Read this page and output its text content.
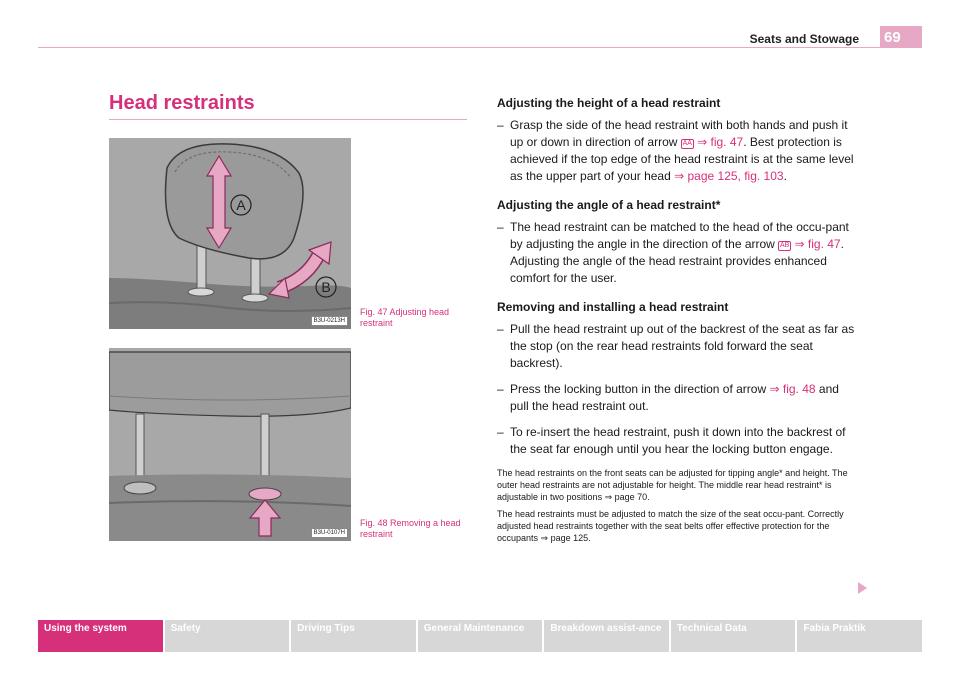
Seats and Stowage 69
Head restraints
A
B
B3U-0213H
Fig. 47 Adjusting head restraint
B3U-0107H
Fig. 48 Removing a head restraint
Adjusting the height of a head restraint
– Grasp the side of the head restraint with both hands and push it up or down in direction of arrow AA ⇒ fig. 47. Best protection is achieved if the top edge of the head restraint is at the same level as the upper part of your head ⇒ page 125, fig. 103.
Adjusting the angle of a head restraint*
– The head restraint can be matched to the head of the occu-pant by adjusting the angle in the direction of the arrow AB ⇒ fig. 47. Adjusting the angle of the head restraint provides enhanced comfort for the user.
Removing and installing a head restraint
– Pull the head restraint up out of the backrest of the seat as far as the stop (on the rear head restraints fold forward the seat backrest).
– Press the locking button in the direction of arrow ⇒ fig. 48 and pull the head restraint out.
– To re-insert the head restraint, push it down into the backrest of the seat far enough until you hear the locking button engage.
The head restraints on the front seats can be adjusted for tipping angle* and height. The outer head restraints are not adjustable for height. The middle rear head restraint* is adjustable in two positions ⇒ page 70.
The head restraints must be adjusted to match the size of the seat occu-pant. Correctly adjusted head restraints together with the seat belts offer effective protection for the occupants ⇒ page 125.
Using the system	Safety	Driving Tips	General Maintenance	Breakdown assist-ance	Technical Data	Fabia Praktik
